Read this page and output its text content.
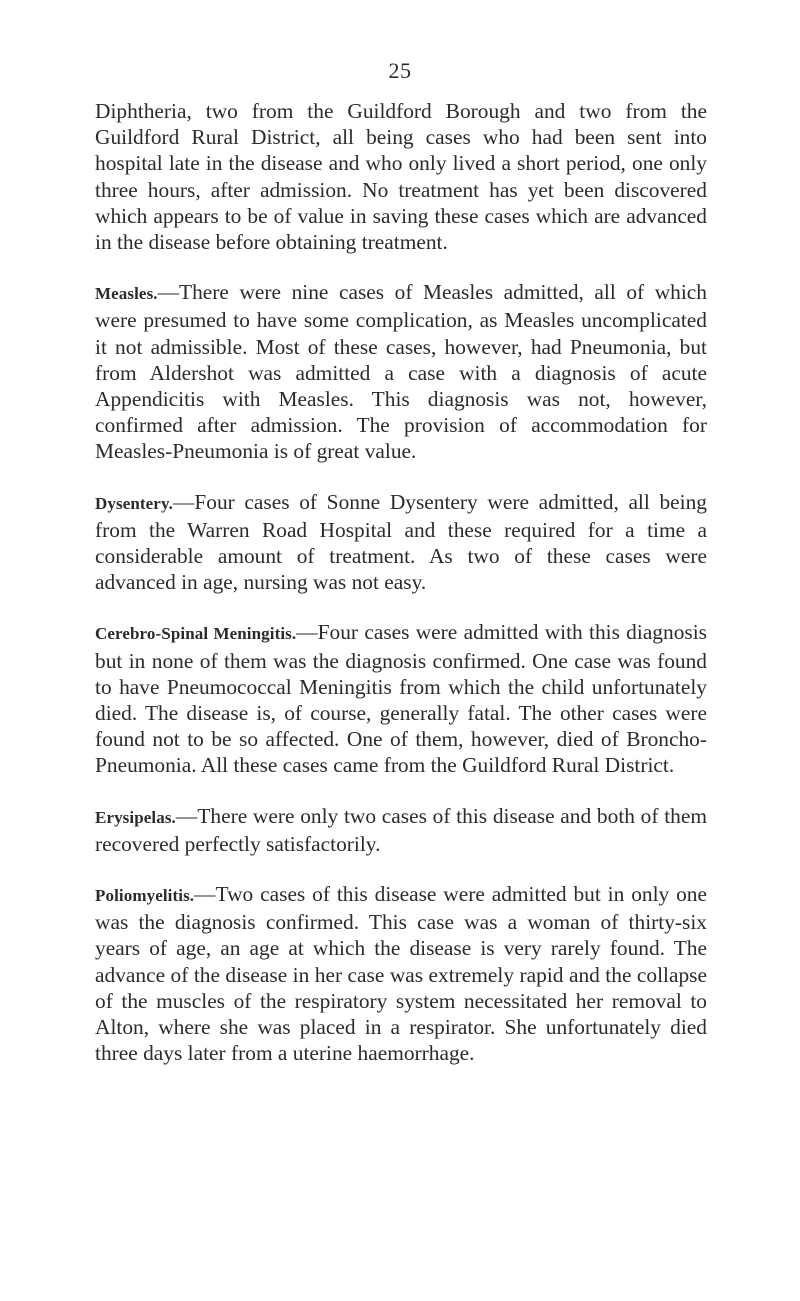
25

Diphtheria, two from the Guildford Borough and two from the Guildford Rural District, all being cases who had been sent into hospital late in the disease and who only lived a short period, one only three hours, after admission. No treatment has yet been discovered which appears to be of value in saving these cases which are advanced in the disease before obtaining treatment.

Measles.—There were nine cases of Measles admitted, all of which were presumed to have some complication, as Measles uncomplicated it not admissible. Most of these cases, however, had Pneumonia, but from Aldershot was admitted a case with a diagnosis of acute Appendicitis with Measles. This diagnosis was not, however, confirmed after admission. The provision of accommodation for Measles-Pneumonia is of great value.

Dysentery.—Four cases of Sonne Dysentery were admitted, all being from the Warren Road Hospital and these required for a time a considerable amount of treatment. As two of these cases were advanced in age, nursing was not easy.

Cerebro-Spinal Meningitis.—Four cases were admitted with this diagnosis but in none of them was the diagnosis confirmed. One case was found to have Pneumococcal Meningitis from which the child unfortunately died. The disease is, of course, generally fatal. The other cases were found not to be so affected. One of them, however, died of Broncho-Pneumonia. All these cases came from the Guildford Rural District.

Erysipelas.—There were only two cases of this disease and both of them recovered perfectly satisfactorily.

Poliomyelitis.—Two cases of this disease were admitted but in only one was the diagnosis confirmed. This case was a woman of thirty-six years of age, an age at which the disease is very rarely found. The advance of the disease in her case was extremely rapid and the collapse of the muscles of the respiratory system necessitated her removal to Alton, where she was placed in a respirator. She unfortunately died three days later from a uterine haemorrhage.
